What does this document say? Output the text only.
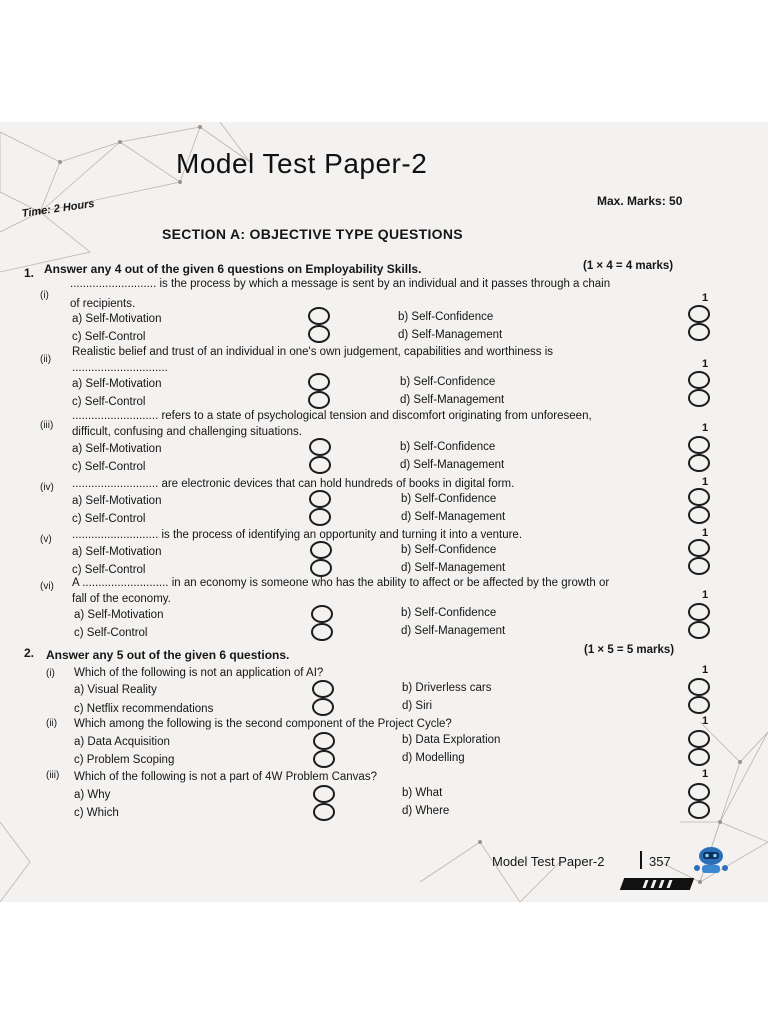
Model Test Paper-2
Time: 2 Hours	Max. Marks: 50
SECTION A: OBJECTIVE TYPE QUESTIONS
1. Answer any 4 out of the given 6 questions on Employability Skills.	(1 × 4 = 4 marks)
(i)
........................... is the process by which a message is sent by an individual and it passes through a chain
of recipients.	1
a) Self-Motivation	b) Self-Confidence
c) Self-Control	d) Self-Management
(ii)
Realistic belief and trust of an individual in one's own judgement, capabilities and worthiness is
..............................	1
a) Self-Motivation	b) Self-Confidence
c) Self-Control	d) Self-Management
(iii)
........................... refers to a state of psychological tension and discomfort originating from unforeseen,
difficult, confusing and challenging situations.	1
a) Self-Motivation	b) Self-Confidence
c) Self-Control	d) Self-Management
(iv) ........................... are electronic devices that can hold hundreds of books in digital form.	1
a) Self-Motivation	b) Self-Confidence
c) Self-Control	d) Self-Management
(v) ........................... is the process of identifying an opportunity and turning it into a venture.	1
a) Self-Motivation	b) Self-Confidence
c) Self-Control	d) Self-Management
(vi) A ........................... in an economy is someone who has the ability to affect or be affected by the growth or
fall of the economy.	1
a) Self-Motivation	b) Self-Confidence
c) Self-Control	d) Self-Management
2. Answer any 5 out of the given 6 questions.	(1 × 5 = 5 marks)
(i) Which of the following is not an application of AI?	1
a) Visual Reality	b) Driverless cars
c) Netflix recommendations	d) Siri
(ii) Which among the following is the second component of the Project Cycle?	1
a) Data Acquisition	b) Data Exploration
c) Problem Scoping	d) Modelling
(iii) Which of the following is not a part of 4W Problem Canvas?	1
a) Why	b) What
c) Which	d) Where
Model Test Paper-2	357
